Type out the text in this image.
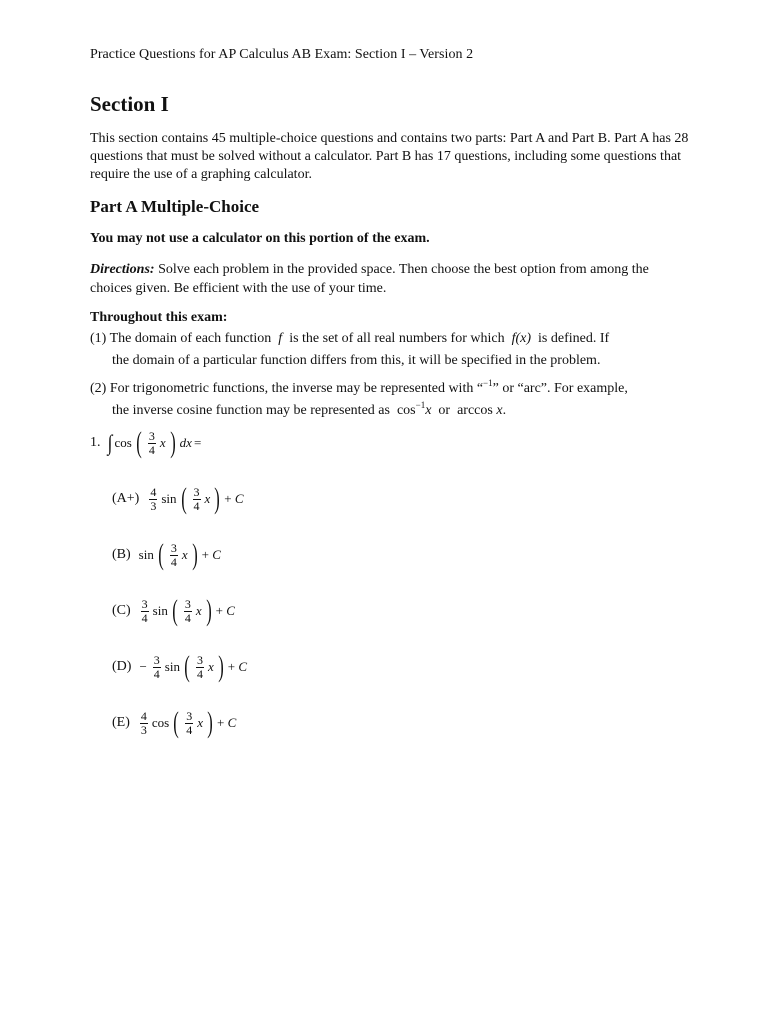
Practice Questions for AP Calculus AB Exam: Section I – Version 2
Section I
This section contains 45 multiple-choice questions and contains two parts: Part A and Part B. Part A has 28 questions that must be solved without a calculator. Part B has 17 questions, including some questions that require the use of a graphing calculator.
Part A Multiple-Choice
You may not use a calculator on this portion of the exam.
Directions: Solve each problem in the provided space. Then choose the best option from among the choices given. Be efficient with the use of your time.
Throughout this exam:
(1) The domain of each function f is the set of all real numbers for which f(x) is defined. If
the domain of a particular function differs from this, it will be specified in the problem.
(2) For trigonometric functions, the inverse may be represented with “$^{-1}$” or “arc”. For example,
the inverse cosine function may be represented as $\cos^{-1}x$ or arccos x.
1. ∫ cos ( $\frac{3}{4}$ x ) dx =
$(A+) \frac{4}{3}$ sin ( $\frac{3}{4}$ x ) + C
(B) sin ( $\frac{3}{4}$ x ) + C
$(C) \frac{3}{4}$ sin ( $\frac{3}{4}$ x ) + C
$(D) - \frac{3}{4}$ sin ( $\frac{3}{4}$ x ) + C
$(E) \frac{4}{3}$ cos ( $\frac{3}{4}$ x ) + C
